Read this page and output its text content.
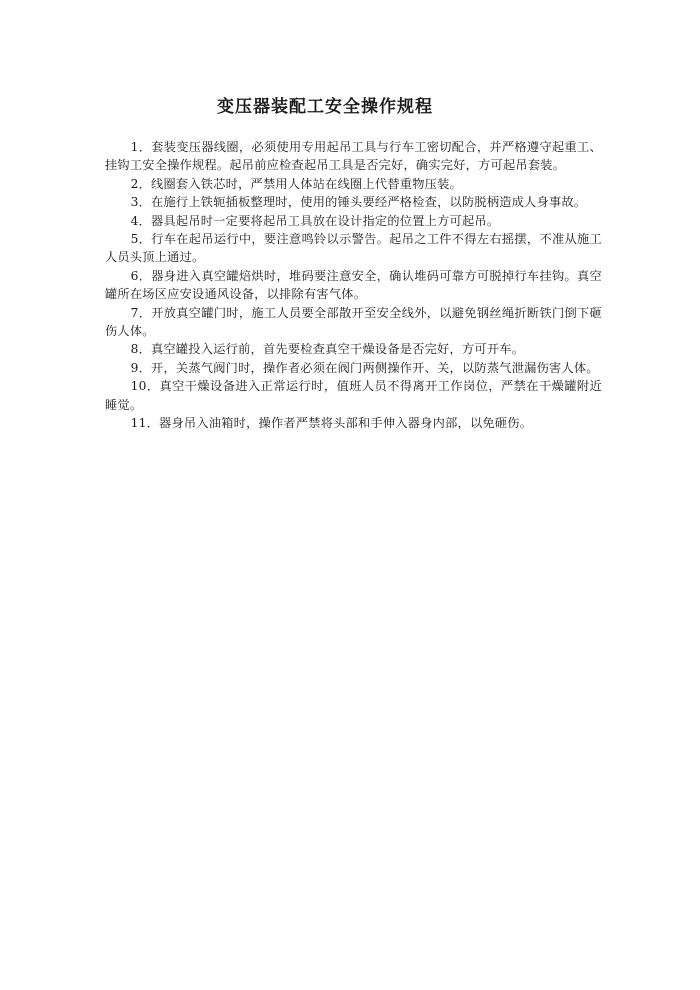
变压器装配工安全操作规程
1．套装变压器线圈，必须使用专用起吊工具与行车工密切配合，并严格遵守起重工、挂钩工安全操作规程。起吊前应检查起吊工具是否完好，确实完好，方可起吊套装。
2．线圈套入铁芯时，严禁用人体站在线圈上代替重物压装。
3．在施行上铁轭插板整理时，使用的锤头要经严格检查，以防脱柄造成人身事故。
4．器具起吊时一定要将起吊工具放在设计指定的位置上方可起吊。
5．行车在起吊运行中，要注意鸣铃以示警告。起吊之工件不得左右摇摆，不准从施工人员头顶上通过。
6．器身进入真空罐焙烘时，堆码要注意安全，确认堆码可靠方可脱掉行车挂钩。真空罐所在场区应安设通风设备，以排除有害气体。
7．开放真空罐门时，施工人员要全部散开至安全线外，以避免钢丝绳折断铁门倒下砸伤人体。
8．真空罐投入运行前，首先要检查真空干燥设备是否完好，方可开车。
9．开，关蒸气阀门时，操作者必须在阀门两侧操作开、关，以防蒸气泄漏伤害人体。
10．真空干燥设备进入正常运行时，值班人员不得离开工作岗位，严禁在干燥罐附近睡觉。
11．器身吊入油箱时，操作者严禁将头部和手伸入器身内部，以免砸伤。
